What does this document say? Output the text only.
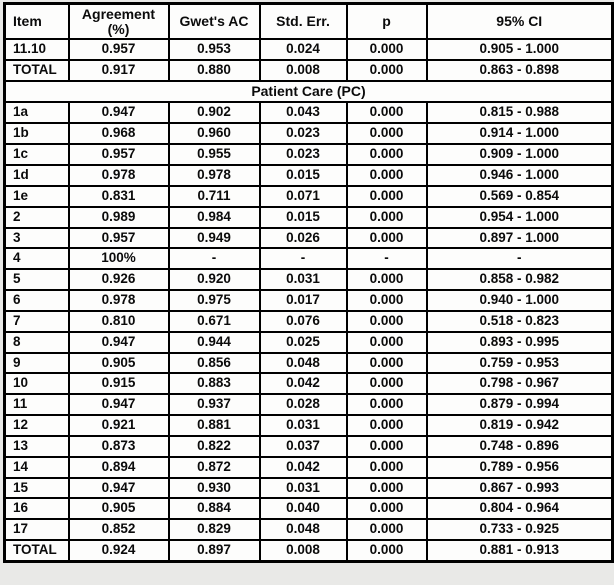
Item	Agreement (%)	Gwet's AC	Std. Err.	p	95% CI
11.10	0.957	0.953	0.024	0.000	0.905 - 1.000
TOTAL	0.917	0.880	0.008	0.000	0.863 - 0.898
Patient Care (PC)					
1a	0.947	0.902	0.043	0.000	0.815 - 0.988
1b	0.968	0.960	0.023	0.000	0.914 - 1.000
1c	0.957	0.955	0.023	0.000	0.909 - 1.000
1d	0.978	0.978	0.015	0.000	0.946 - 1.000
1e	0.831	0.711	0.071	0.000	0.569 - 0.854
2	0.989	0.984	0.015	0.000	0.954 - 1.000
3	0.957	0.949	0.026	0.000	0.897 - 1.000
4	100%	-	-	-	-
5	0.926	0.920	0.031	0.000	0.858 - 0.982
6	0.978	0.975	0.017	0.000	0.940 - 1.000
7	0.810	0.671	0.076	0.000	0.518 - 0.823
8	0.947	0.944	0.025	0.000	0.893 - 0.995
9	0.905	0.856	0.048	0.000	0.759 - 0.953
10	0.915	0.883	0.042	0.000	0.798 - 0.967
11	0.947	0.937	0.028	0.000	0.879 - 0.994
12	0.921	0.881	0.031	0.000	0.819 - 0.942
13	0.873	0.822	0.037	0.000	0.748 - 0.896
14	0.894	0.872	0.042	0.000	0.789 - 0.956
15	0.947	0.930	0.031	0.000	0.867 - 0.993
16	0.905	0.884	0.040	0.000	0.804 - 0.964
17	0.852	0.829	0.048	0.000	0.733 - 0.925
TOTAL	0.924	0.897	0.008	0.000	0.881 - 0.913
